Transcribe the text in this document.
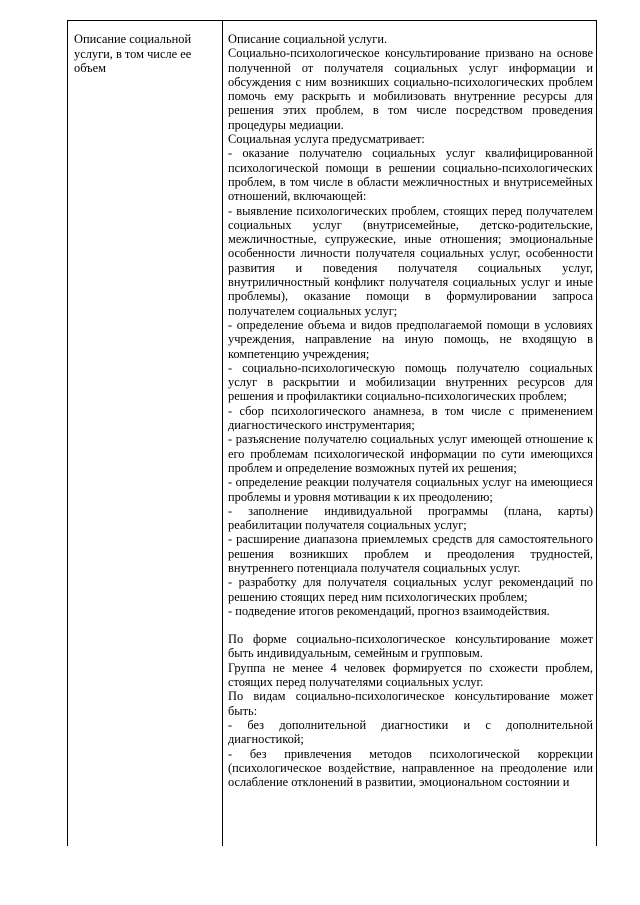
Описание социальной услуги, в том числе ее объем

Описание социальной услуги.

Социально-психологическое консультирование призвано на основе полученной от получателя социальных услуг информации и обсуждения с ним возникших социально-психологических проблем помочь ему раскрыть и мобилизовать внутренние ресурсы для решения этих проблем, в том числе посредством проведения процедуры медиации.

Социальная услуга предусматривает:

- оказание получателю социальных услуг квалифицированной психологической помощи в решении социально-психологических проблем, в том числе в области межличностных и внутрисемейных отношений, включающей:

- выявление психологических проблем, стоящих перед получателем социальных услуг (внутрисемейные, детско-родительские, межличностные, супружеские, иные отношения; эмоциональные особенности личности получателя социальных услуг, особенности развития и поведения получателя социальных услуг, внутриличностный конфликт получателя социальных услуг и иные проблемы), оказание помощи в формулировании запроса получателем социальных услуг;

- определение объема и видов предполагаемой помощи в условиях учреждения, направление на иную помощь, не входящую в компетенцию учреждения;

- социально-психологическую помощь получателю социальных услуг в раскрытии и мобилизации внутренних ресурсов для решения и профилактики социально-психологических проблем;

- сбор психологического анамнеза, в том числе с применением диагностического инструментария;

- разъяснение получателю социальных услуг имеющей отношение к его проблемам психологической информации по сути имеющихся проблем и определение возможных путей их решения;

- определение реакции получателя социальных услуг на имеющиеся проблемы и уровня мотивации к их преодолению;

- заполнение индивидуальной программы (плана, карты) реабилитации получателя социальных услуг;

- расширение диапазона приемлемых средств для самостоятельного решения возникших проблем и преодоления трудностей, внутреннего потенциала получателя социальных услуг.

- разработку для получателя социальных услуг рекомендаций по решению стоящих перед ним психологических проблем;

- подведение итогов рекомендаций, прогноз взаимодействия.

По форме социально-психологическое консультирование может быть индивидуальным, семейным и групповым.

Группа не менее 4 человек формируется по схожести проблем, стоящих перед получателями социальных услуг.

По видам социально-психологическое консультирование может быть:

- без дополнительной диагностики и с дополнительной диагностикой;

- без привлечения методов психологической коррекции (психологическое воздействие, направленное на преодоление или ослабление отклонений в развитии, эмоциональном состоянии и
